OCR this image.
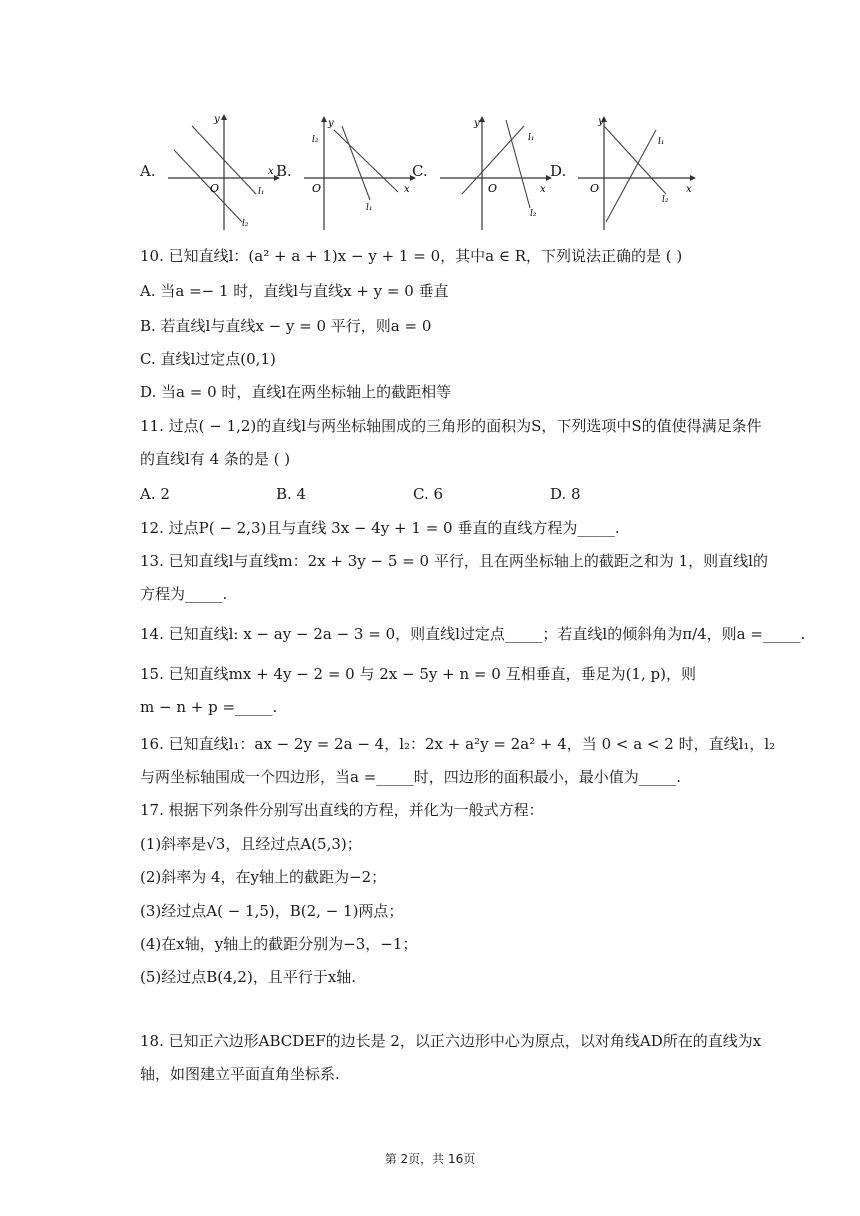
A.
y
x
O	l₁
l₂
B.
y
x
O
l₁
l₂
C.
y
x
O
l₁
l₂
D.
y
x
O
l₁
l₂
10. 已知直线l：(a² + a + 1)x − y + 1 = 0，其中a ∈ R，下列说法正确的是 ( )
A. 当a =− 1 时，直线l与直线x + y = 0 垂直
B. 若直线l与直线x − y = 0 平行，则a = 0
C. 直线l过定点(0,1)
D. 当a = 0 时，直线l在两坐标轴上的截距相等
11. 过点( − 1,2)的直线l与两坐标轴围成的三角形的面积为S，下列选项中S的值使得满足条件
的直线l有 4 条的是 ( )
A. 2	B. 4	C. 6	D. 8
12. 过点P( − 2,3)且与直线 3x − 4y + 1 = 0 垂直的直线方程为_____.
13. 已知直线l与直线m：2x + 3y − 5 = 0 平行，且在两坐标轴上的截距之和为 1，则直线l的
方程为_____.
14. 已知直线l: x − ay − 2a − 3 = 0，则直线l过定点_____；若直线l的倾斜角为π/4，则a =_____.
15. 已知直线mx + 4y − 2 = 0 与 2x − 5y + n = 0 互相垂直，垂足为(1, p)，则
m − n + p =_____.
16. 已知直线l₁：ax − 2y = 2a − 4，l₂：2x + a²y = 2a² + 4，当 0 < a < 2 时，直线l₁，l₂
与两坐标轴围成一个四边形，当a =_____时，四边形的面积最小，最小值为_____.
17. 根据下列条件分别写出直线的方程，并化为一般式方程：
(1)斜率是√3，且经过点A(5,3)；
(2)斜率为 4，在y轴上的截距为−2；
(3)经过点A( − 1,5)，B(2, − 1)两点；
(4)在x轴，y轴上的截距分别为−3，−1；
(5)经过点B(4,2)，且平行于x轴.
18. 已知正六边形ABCDEF的边长是 2，以正六边形中心为原点，以对角线AD所在的直线为x
轴，如图建立平面直角坐标系.
第 2页，共 16页
